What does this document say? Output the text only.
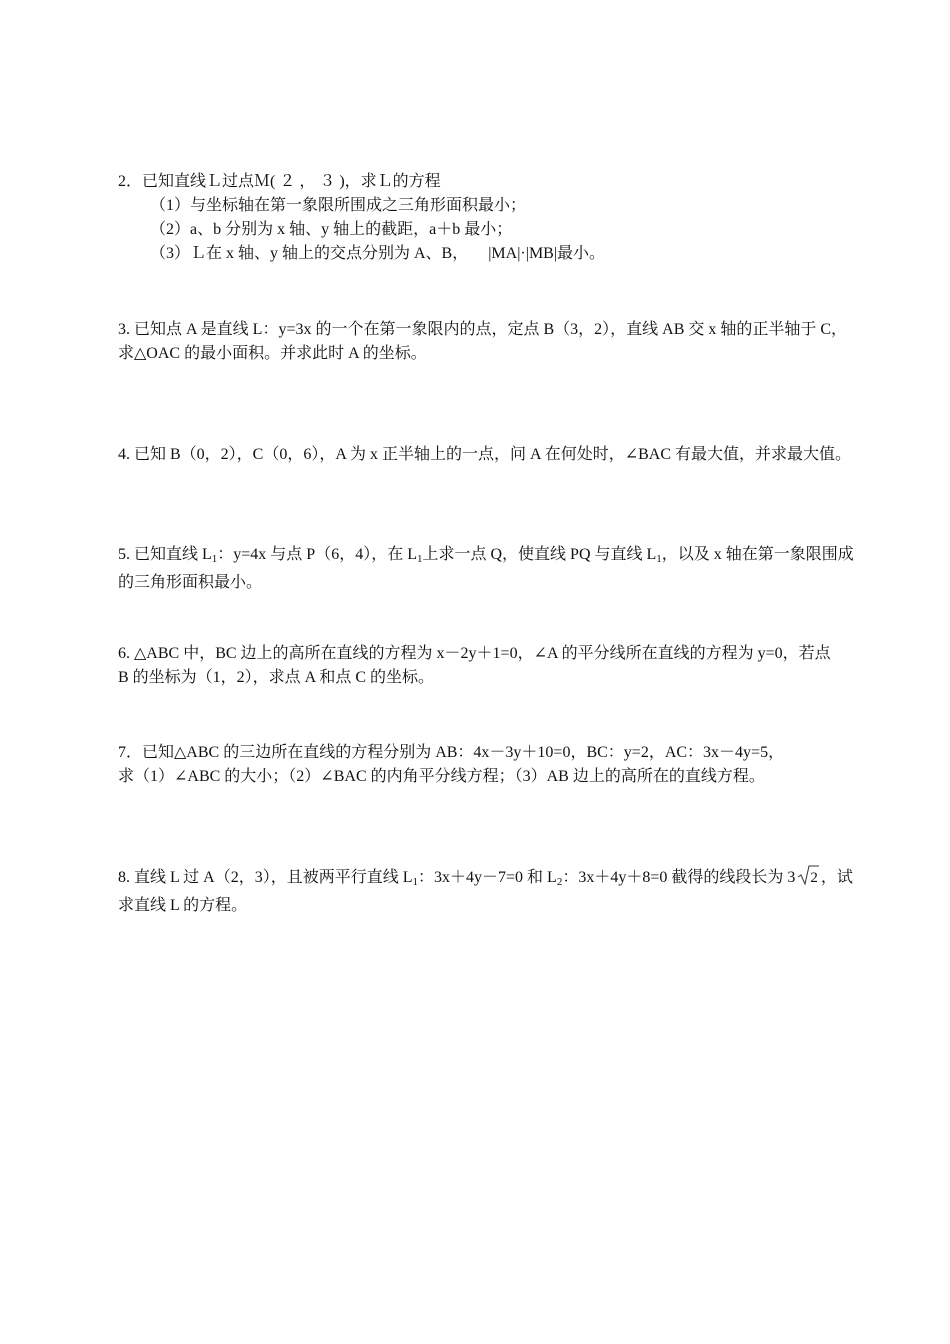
2．已知直线Ｌ过点Ｍ( ２ ， ３ )，求Ｌ的方程
（1）与坐标轴在第一象限所围成之三角形面积最小；
（2）a、b 分别为 x 轴、y 轴上的截距，a＋b 最小；
（3）Ｌ在 x 轴、y 轴上的交点分别为 A、B，     |MA|·|MB|最小。
3. 已知点 A 是直线 L：y=3x 的一个在第一象限内的点，定点 B（3，2），直线 AB 交 x 轴的正半轴于 C，
求△OAC 的最小面积。并求此时 A 的坐标。
4. 已知 B（0，2），C（0，6），A 为 x 正半轴上的一点，问 A 在何处时，∠BAC 有最大值，并求最大值。
5. 已知直线 $L_1$：y=4x 与点 P（6，4），在 $L_1$上求一点 Q，使直线 PQ 与直线 $L_1$，以及 x 轴在第一象限围成
的三角形面积最小。
6. △ABC 中，BC 边上的高所在直线的方程为 x－2y＋1=0，∠A 的平分线所在直线的方程为 y=0，若点
B 的坐标为（1，2），求点 A 和点 C 的坐标。
7．已知△ABC 的三边所在直线的方程分别为 AB：4x－3y＋10=0，BC：y=2，AC：3x－4y=5，
求（1）∠ABC 的大小；（2）∠BAC 的内角平分线方程；（3）AB 边上的高所在的直线方程。
8. 直线 L 过 A（2，3），且被两平行直线 $L_1$：3x＋4y－7=0 和 $L_2$：3x＋4y＋8=0 截得的线段长为 3 2 ，试
求直线 L 的方程。
